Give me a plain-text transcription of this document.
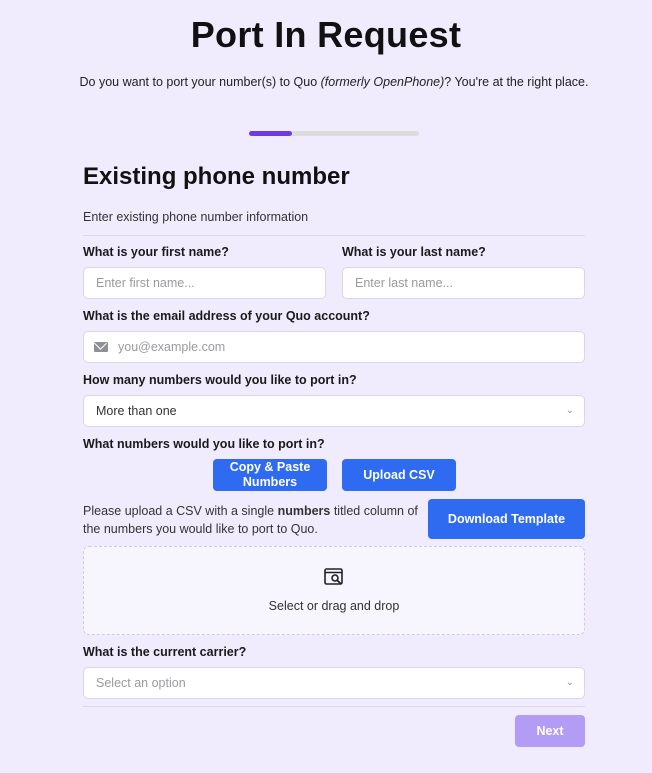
Port In Request
Do you want to port your number(s) to Quo (formerly OpenPhone)? You're at the right place.
Existing phone number
Enter existing phone number information
What is your first name?
Enter first name...
What is your last name?
Enter last name...
What is the email address of your Quo account?
you@example.com
How many numbers would you like to port in?
More than one	⌄
What numbers would you like to port in?
Copy & Paste Numbers
Upload CSV
Please upload a CSV with a single numbers titled column of the numbers you would like to port to Quo.
Download Template
Select or drag and drop
What is the current carrier?
Select an option	⌄
Next
